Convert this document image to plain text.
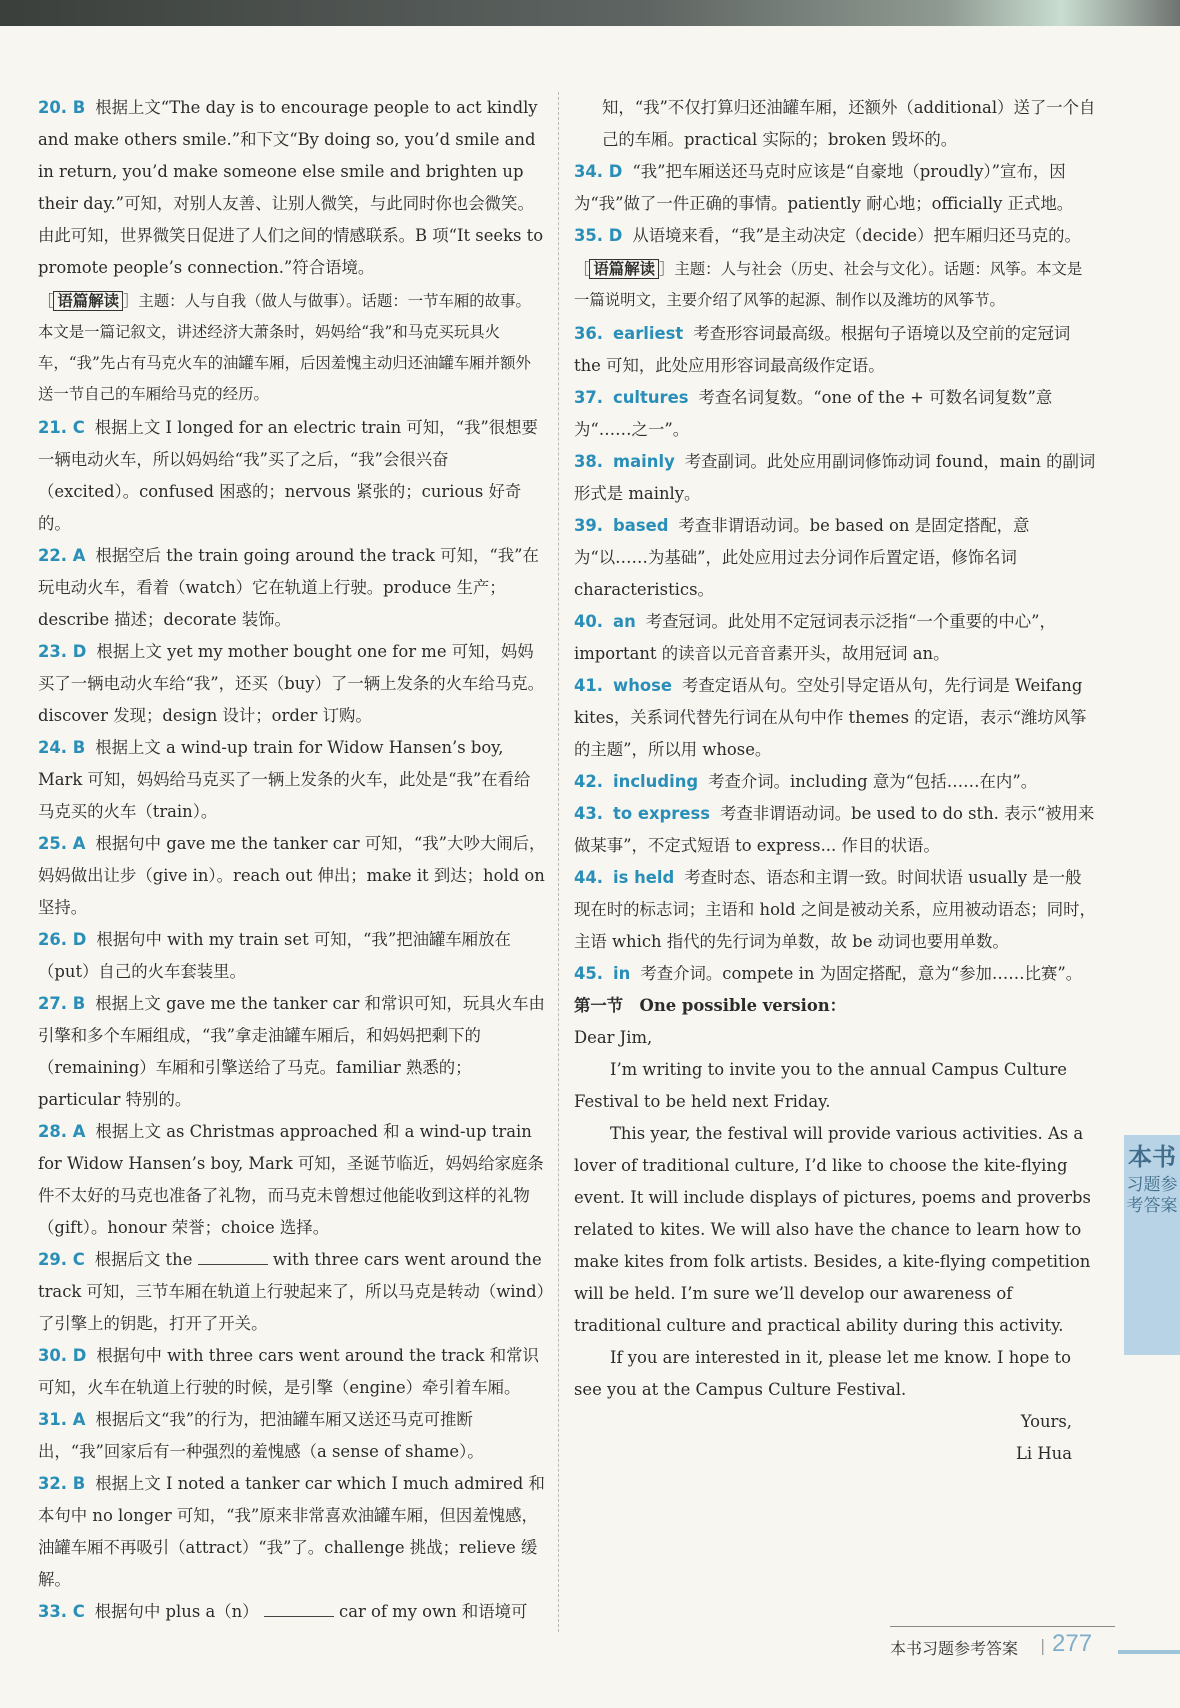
20. B 根据上文“The day is to encourage people to act kindly and make others smile.”和下文“By doing so, you’d smile and in return, you’d make someone else smile and brighten up their day.”可知，对别人友善、让别人微笑，与此同时你也会微笑。由此可知，世界微笑日促进了人们之间的情感联系。B 项“It seeks to promote people’s connection.”符合语境。

［ 语篇解读 ］主题：人与自我（做人与做事）。话题：一节车厢的故事。本文是一篇记叙文，讲述经济大萧条时，妈妈给“我”和马克买玩具火车，“我”先占有马克火车的油罐车厢，后因羞愧主动归还油罐车厢并额外送一节自己的车厢给马克的经历。

21. C 根据上文 I longed for an electric train 可知，“我”很想要一辆电动火车，所以妈妈给“我”买了之后，“我”会很兴奋（excited）。confused 困惑的；nervous 紧张的；curious 好奇的。

22. A 根据空后 the train going around the track 可知，“我”在玩电动火车，看着（watch）它在轨道上行驶。produce 生产；describe 描述；decorate 装饰。

23. D 根据上文 yet my mother bought one for me 可知，妈妈买了一辆电动火车给“我”，还买（buy）了一辆上发条的火车给马克。discover 发现；design 设计；order 订购。

24. B 根据上文 a wind-up train for Widow Hansen’s boy, Mark 可知，妈妈给马克买了一辆上发条的火车，此处是“我”在看给马克买的火车（train）。

25. A 根据句中 gave me the tanker car 可知，“我”大吵大闹后，妈妈做出让步（give in）。reach out 伸出；make it 到达；hold on 坚持。

26. D 根据句中 with my train set 可知，“我”把油罐车厢放在（put）自己的火车套装里。

27. B 根据上文 gave me the tanker car 和常识可知，玩具火车由引擎和多个车厢组成，“我”拿走油罐车厢后，和妈妈把剩下的（remaining）车厢和引擎送给了马克。familiar 熟悉的；particular 特别的。

28. A 根据上文 as Christmas approached 和 a wind-up train for Widow Hansen’s boy, Mark 可知，圣诞节临近，妈妈给家庭条件不太好的马克也准备了礼物，而马克未曾想过他能收到这样的礼物（gift）。honour 荣誉；choice 选择。

29. C 根据后文 the	with three cars went around the track 可知，三节车厢在轨道上行驶起来了，所以马克是转动（wind）了引擎上的钥匙，打开了开关。

30. D 根据句中 with three cars went around the track 和常识可知，火车在轨道上行驶的时候，是引擎（engine）牵引着车厢。

31. A 根据后文“我”的行为，把油罐车厢又送还马克可推断出，“我”回家后有一种强烈的羞愧感（a sense of shame）。

32. B 根据上文 I noted a tanker car which I much admired 和本句中 no longer 可知，“我”原来非常喜欢油罐车厢，但因羞愧感，油罐车厢不再吸引（attract）“我”了。challenge 挑战；relieve 缓解。

33. C 根据句中 plus a（n）	car of my own 和语境可

知，“我”不仅打算归还油罐车厢，还额外（additional）送了一个自己的车厢。practical 实际的；broken 毁坏的。

34. D “我”把车厢送还马克时应该是“自豪地（proudly）”宣布，因为“我”做了一件正确的事情。patiently 耐心地；officially 正式地。

35. D 从语境来看，“我”是主动决定（decide）把车厢归还马克的。

［ 语篇解读 ］主题：人与社会（历史、社会与文化）。话题：风筝。本文是一篇说明文，主要介绍了风筝的起源、制作以及潍坊的风筝节。

36. earliest 考查形容词最高级。根据句子语境以及空前的定冠词 the 可知，此处应用形容词最高级作定语。

37. cultures 考查名词复数。“one of the + 可数名词复数”意为“……之一”。

38. mainly 考查副词。此处应用副词修饰动词 found，main 的副词形式是 mainly。

39. based 考查非谓语动词。be based on 是固定搭配，意为“以……为基础”，此处应用过去分词作后置定语，修饰名词 characteristics。

40. an 考查冠词。此处用不定冠词表示泛指“一个重要的中心”，important 的读音以元音音素开头，故用冠词 an。

41. whose 考查定语从句。空处引导定语从句，先行词是 Weifang kites，关系词代替先行词在从句中作 themes 的定语，表示“潍坊风筝的主题”，所以用 whose。

42. including 考查介词。including 意为“包括……在内”。

43. to express 考查非谓语动词。be used to do sth. 表示“被用来做某事”，不定式短语 to express... 作目的状语。

44. is held 考查时态、语态和主谓一致。时间状语 usually 是一般现在时的标志词；主语和 hold 之间是被动关系，应用被动语态；同时，主语 which 指代的先行词为单数，故 be 动词也要用单数。

45. in 考查介词。compete in 为固定搭配，意为“参加……比赛”。

第一节　One possible version：

Dear Jim,

I’m writing to invite you to the annual Campus Culture Festival to be held next Friday.

This year, the festival will provide various activities. As a lover of traditional culture, I’d like to choose the kite-flying event. It will include displays of pictures, poems and proverbs related to kites. We will also have the chance to learn how to make kites from folk artists. Besides, a kite-flying competition will be held. I’m sure we’ll develop our awareness of traditional culture and practical ability during this activity.

If you are interested in it, please let me know. I hope to see you at the Campus Culture Festival.

Yours,

Li Hua

本书
习题参考答案
本书习题参考答案 | 277
